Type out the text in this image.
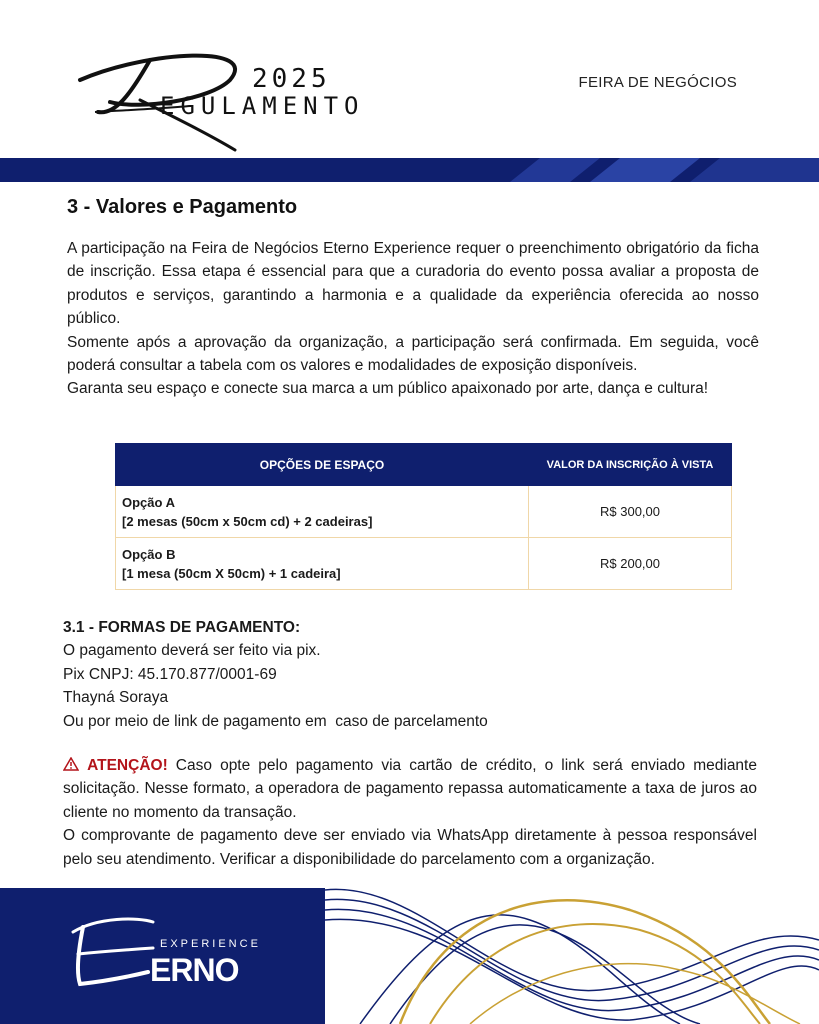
2025
EGULAMENTO
FEIRA DE NEGÓCIOS
3 - Valores e Pagamento

A participação na Feira de Negócios Eterno Experience requer o preenchimento obrigatório da ficha de inscrição. Essa etapa é essencial para que a curadoria do evento possa avaliar a proposta de produtos e serviços, garantindo a harmonia e a qualidade da experiência oferecida ao nosso público.

Somente após a aprovação da organização, a participação será confirmada. Em seguida, você poderá consultar a tabela com os valores e modalidades de exposição disponíveis.

Garanta seu espaço e conecte sua marca a um público apaixonado por arte, dança e cultura!

OPÇÕES DE ESPAÇO	VALOR DA INSCRIÇÃO À VISTA

Opção A
[2 mesas (50cm x 50cm cd) + 2 cadeiras]	R$ 300,00

Opção B
[1 mesa (50cm X 50cm) + 1 cadeira]	R$ 200,00
3.1 - FORMAS DE PAGAMENTO:
O pagamento deverá ser feito via pix.
Pix CNPJ: 45.170.877/0001-69
Thayná Soraya
Ou por meio de link de pagamento em  caso de parcelamento
ATENÇÃO! Caso opte pelo pagamento via cartão de crédito, o link será enviado mediante solicitação. Nesse formato, a operadora de pagamento repassa automaticamente a taxa de juros ao cliente no momento da transação.
O comprovante de pagamento deve ser enviado via WhatsApp diretamente à pessoa responsável pelo seu atendimento. Verificar a disponibilidade do parcelamento com a organização.
EXPERIENCE
ERNO
